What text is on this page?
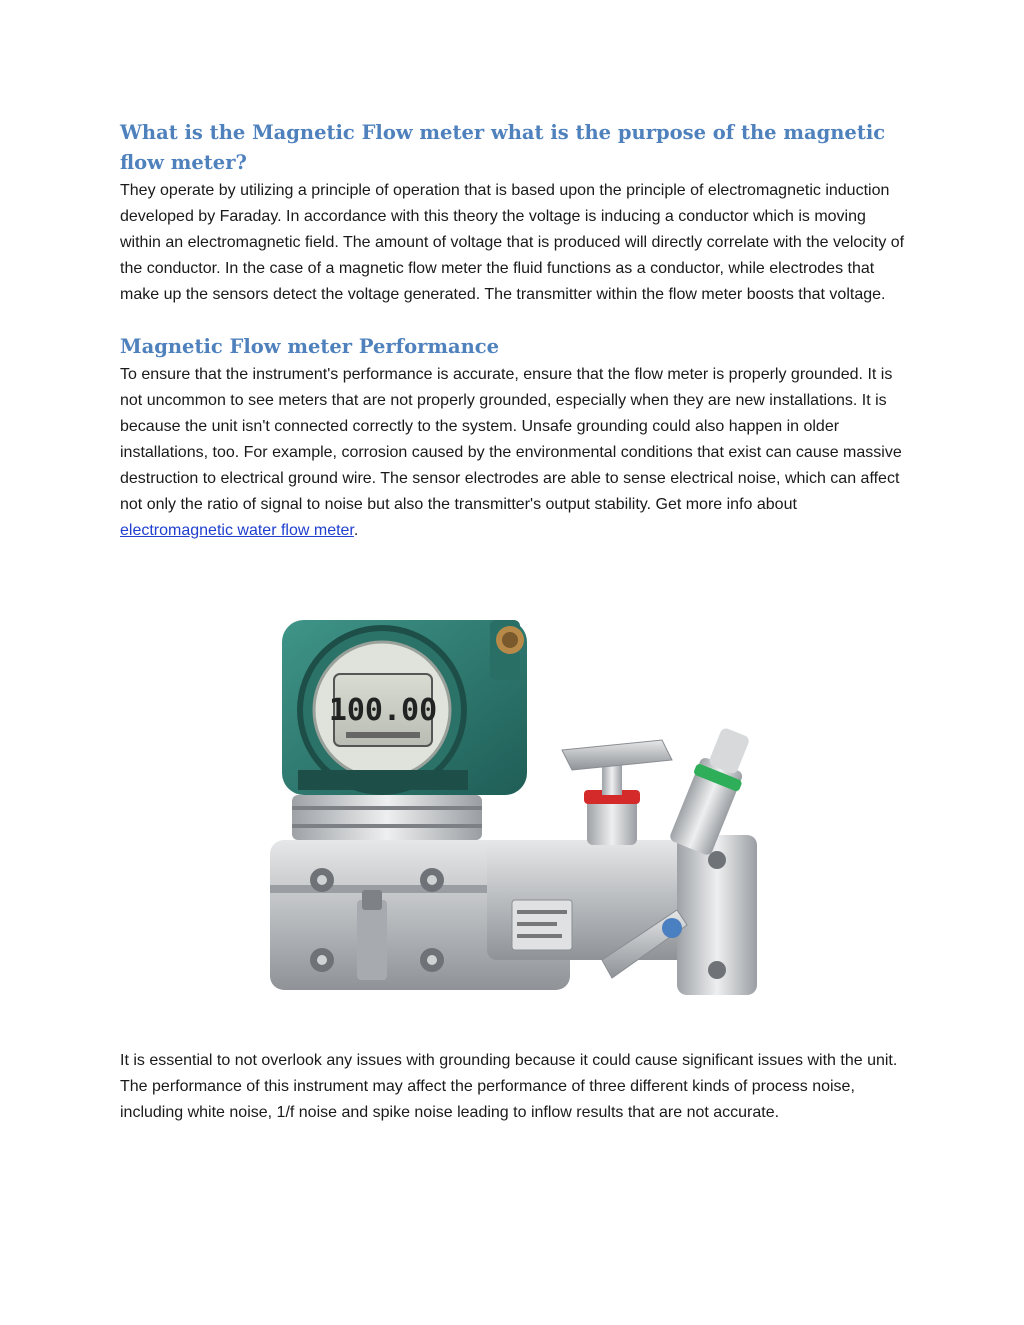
What is the Magnetic Flow meter what is the purpose of the magnetic flow meter?

They operate by utilizing a principle of operation that is based upon the principle of electromagnetic induction developed by Faraday. In accordance with this theory the voltage is inducing a conductor which is moving within an electromagnetic field. The amount of voltage that is produced will directly correlate with the velocity of the conductor. In the case of a magnetic flow meter the fluid functions as a conductor, while electrodes that make up the sensors detect the voltage generated. The transmitter within the flow meter boosts that voltage.

Magnetic Flow meter Performance

To ensure that the instrument's performance is accurate, ensure that the flow meter is properly grounded. It is not uncommon to see meters that are not properly grounded, especially when they are new installations. It is because the unit isn't connected correctly to the system. Unsafe grounding could also happen in older installations, too. For example, corrosion caused by the environmental conditions that exist can cause massive destruction to electrical ground wire. The sensor electrodes are able to sense electrical noise, which can affect not only the ratio of signal to noise but also the transmitter's output stability. Get more info about electromagnetic water flow meter.

100.00

It is essential to not overlook any issues with grounding because it could cause significant issues with the unit. The performance of this instrument may affect the performance of three different kinds of process noise, including white noise, 1/f noise and spike noise leading to inflow results that are not accurate.
